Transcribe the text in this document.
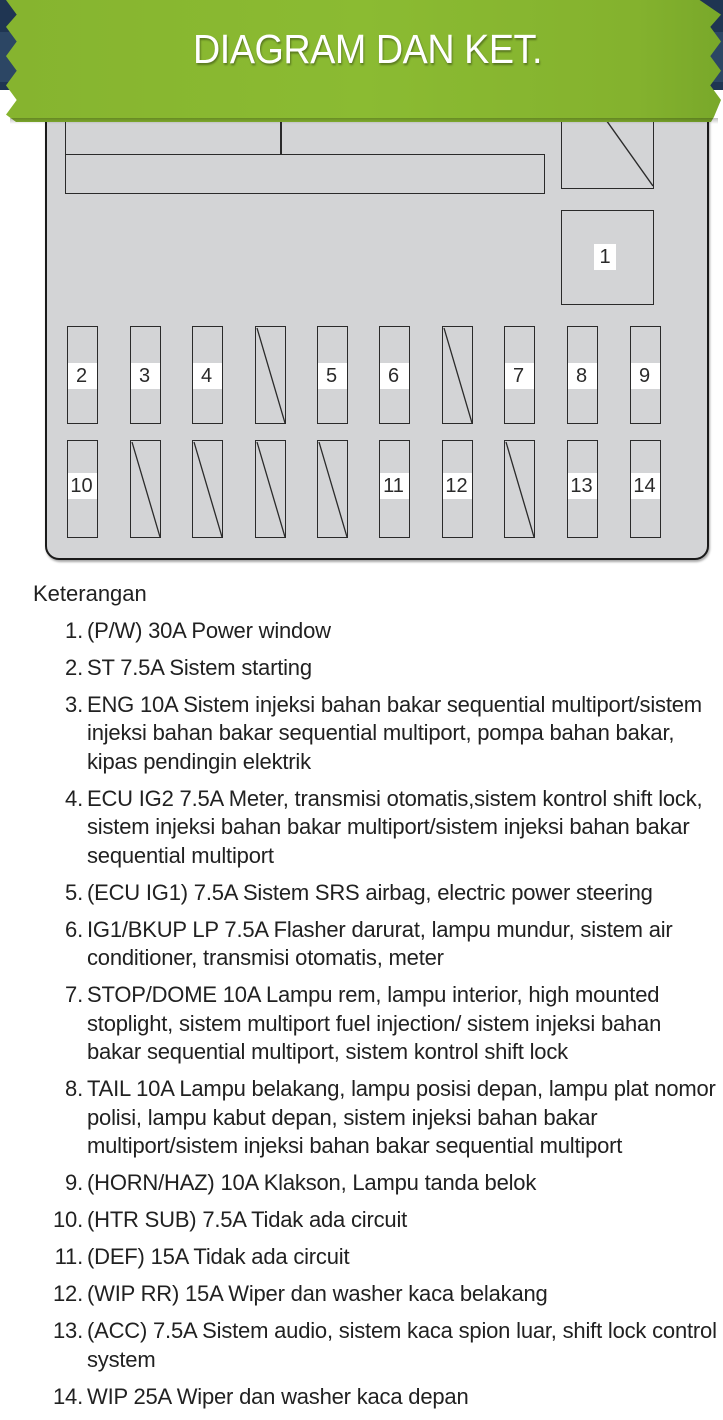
1
2	3	4	5	6	7	8	9
10	11 12	13 14
DIAGRAM DAN KET.
Keterangan
1. (P/W) 30A Power window
2. ST 7.5A Sistem starting
3. ENG 10A Sistem injeksi bahan bakar sequential multiport/sistem injeksi bahan bakar sequential multiport, pompa bahan bakar, kipas pendingin elektrik
4. ECU IG2 7.5A Meter, transmisi otomatis,sistem kontrol shift lock, sistem injeksi bahan bakar multiport/sistem injeksi bahan bakar sequential multiport
5. (ECU IG1) 7.5A Sistem SRS airbag, electric power steering
6. IG1/BKUP LP 7.5A Flasher darurat, lampu mundur, sistem air conditioner, transmisi otomatis, meter
7. STOP/DOME 10A Lampu rem, lampu interior, high mounted stoplight, sistem multiport fuel injection/ sistem injeksi bahan bakar sequential multiport, sistem kontrol shift lock
8. TAIL 10A Lampu belakang, lampu posisi depan, lampu plat nomor polisi, lampu kabut depan, sistem injeksi bahan bakar multiport/sistem injeksi bahan bakar sequential multiport
9. (HORN/HAZ) 10A Klakson, Lampu tanda belok
10. (HTR SUB) 7.5A Tidak ada circuit
11. (DEF) 15A Tidak ada circuit
12. (WIP RR) 15A Wiper dan washer kaca belakang
13. (ACC) 7.5A Sistem audio, sistem kaca spion luar, shift lock control system
14. WIP 25A Wiper dan washer kaca depan
